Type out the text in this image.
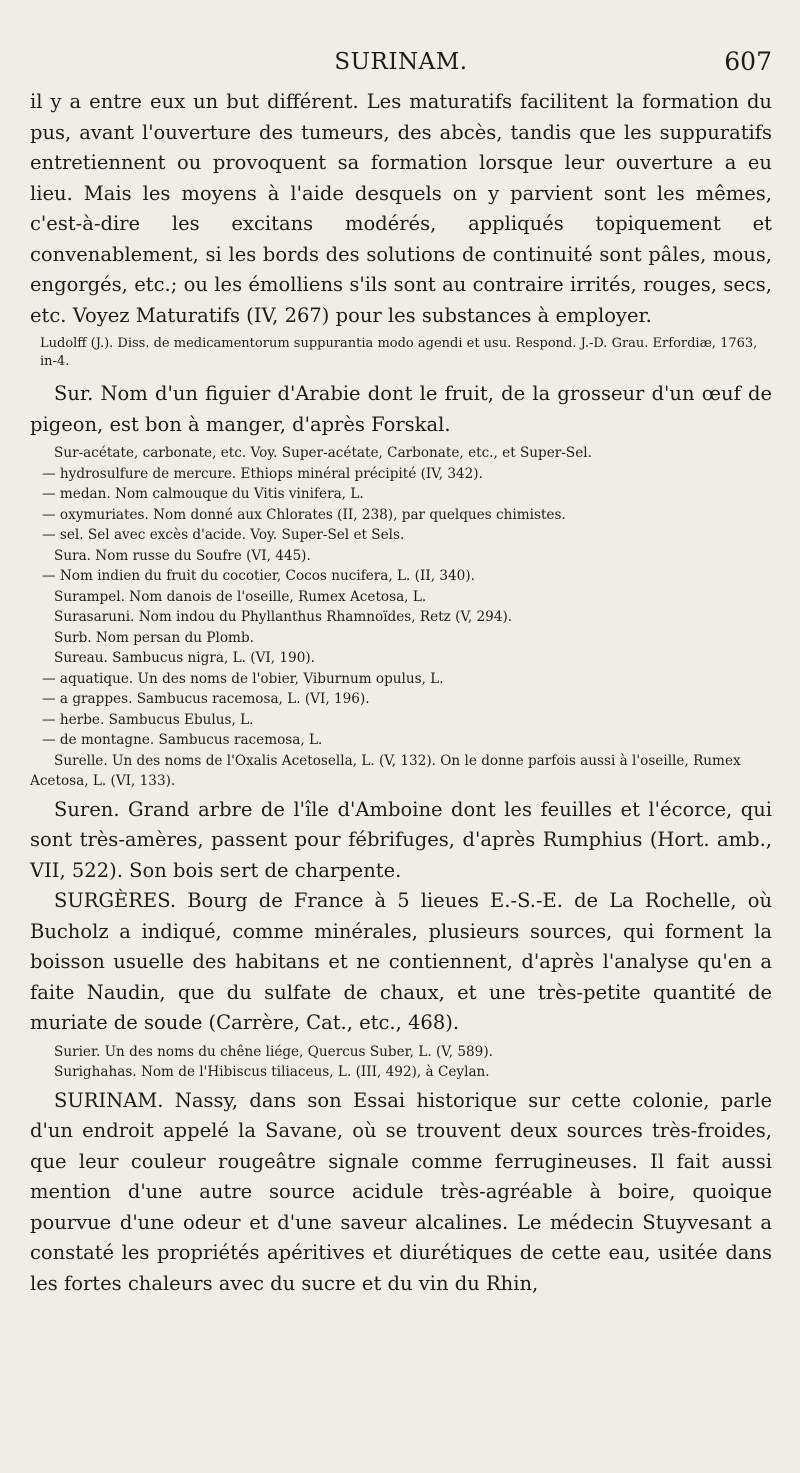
SURINAM.	607

il y a entre eux un but différent. Les maturatifs facilitent la formation du pus, avant l'ouverture des tumeurs, des abcès, tandis que les suppuratifs entretiennent ou provoquent sa formation lorsque leur ouverture a eu lieu. Mais les moyens à l'aide desquels on y parvient sont les mêmes, c'est-à-dire les excitans modérés, appliqués topiquement et convenablement, si les bords des solutions de continuité sont pâles, mous, engorgés, etc.; ou les émolliens s'ils sont au contraire irrités, rouges, secs, etc. Voyez Maturatifs (IV, 267) pour les substances à employer.

Ludolff (J.). Diss. de medicamentorum suppurantia modo agendi et usu. Respond. J.-D. Grau. Erfordiæ, 1763, in-4.

Sur. Nom d'un figuier d'Arabie dont le fruit, de la grosseur d'un œuf de pigeon, est bon à manger, d'après Forskal.

Sur-acétate, carbonate, etc. Voy. Super-acétate, Carbonate, etc., et Super-Sel.

— hydrosulfure de mercure. Ethiops minéral précipité (IV, 342).

— medan. Nom calmouque du Vitis vinifera, L.

— oxymuriates. Nom donné aux Chlorates (II, 238), par quelques chimistes.

— sel. Sel avec excès d'acide. Voy. Super-Sel et Sels.

Sura. Nom russe du Soufre (VI, 445).

— Nom indien du fruit du cocotier, Cocos nucifera, L. (II, 340).

Surampel. Nom danois de l'oseille, Rumex Acetosa, L.

Surasaruni. Nom indou du Phyllanthus Rhamnoïdes, Retz (V, 294).

Surb. Nom persan du Plomb.

Sureau. Sambucus nigra, L. (VI, 190).

— aquatique. Un des noms de l'obier, Viburnum opulus, L.

— a grappes. Sambucus racemosa, L. (VI, 196).

— herbe. Sambucus Ebulus, L.

— de montagne. Sambucus racemosa, L.

Surelle. Un des noms de l'Oxalis Acetosella, L. (V, 132). On le donne parfois aussi à l'oseille, Rumex Acetosa, L. (VI, 133).

Suren. Grand arbre de l'île d'Amboine dont les feuilles et l'écorce, qui sont très-amères, passent pour fébrifuges, d'après Rumphius (Hort. amb., VII, 522). Son bois sert de charpente.

SURGÈRES. Bourg de France à 5 lieues E.-S.-E. de La Rochelle, où Bucholz a indiqué, comme minérales, plusieurs sources, qui forment la boisson usuelle des habitans et ne contiennent, d'après l'analyse qu'en a faite Naudin, que du sulfate de chaux, et une très-petite quantité de muriate de soude (Carrère, Cat., etc., 468).

Surier. Un des noms du chêne liége, Quercus Suber, L. (V, 589).

Surighahas. Nom de l'Hibiscus tiliaceus, L. (III, 492), à Ceylan.

SURINAM. Nassy, dans son Essai historique sur cette colonie, parle d'un endroit appelé la Savane, où se trouvent deux sources très-froides, que leur couleur rougeâtre signale comme ferrugineuses. Il fait aussi mention d'une autre source acidule très-agréable à boire, quoique pourvue d'une odeur et d'une saveur alcalines. Le médecin Stuyvesant a constaté les propriétés apéritives et diurétiques de cette eau, usitée dans les fortes chaleurs avec du sucre et du vin du Rhin,
